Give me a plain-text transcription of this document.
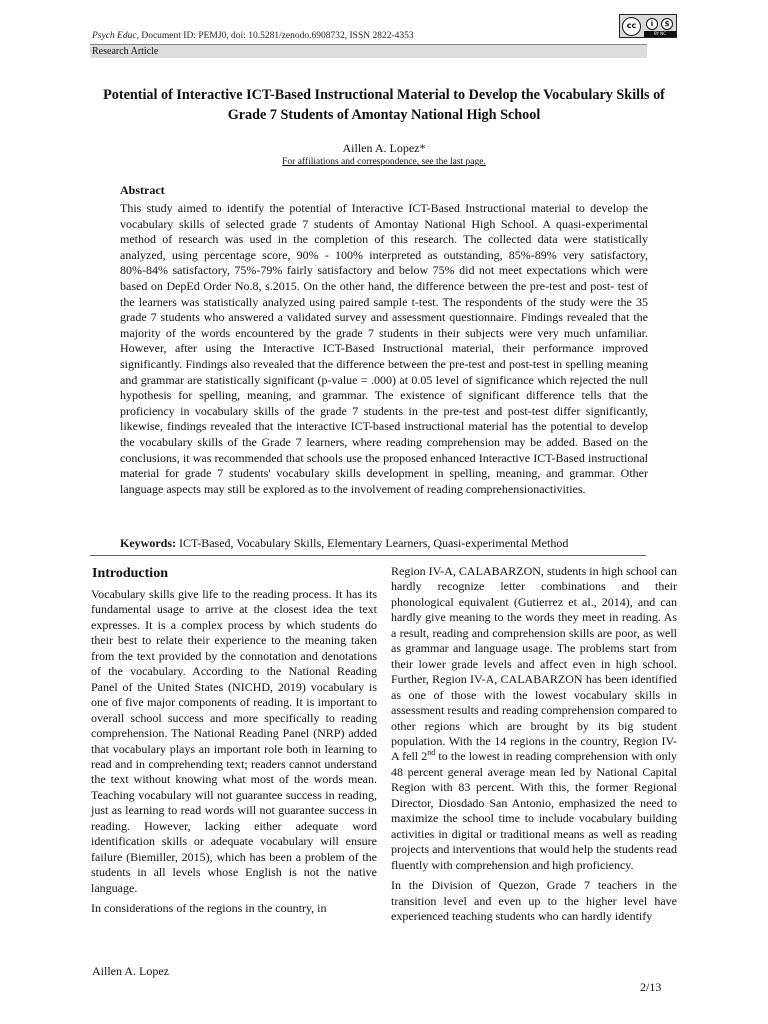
Psych Educ, Document ID: PEMJ0, doi: 10.5281/zenodo.6908732, ISSN 2822-4353
cc	i	$
BY NC
Research Article
Potential of Interactive ICT-Based Instructional Material to Develop the Vocabulary Skills of Grade 7 Students of Amontay National High School
Aillen A. Lopez*
For affiliations and correspondence, see the last page.
Abstract
This study aimed to identify the potential of Interactive ICT-Based Instructional material to develop the vocabulary skills of selected grade 7 students of Amontay National High School. A quasi-experimental method of research was used in the completion of this research. The collected data were statistically analyzed, using percentage score, 90% - 100% interpreted as outstanding, 85%-89% very satisfactory, 80%-84% satisfactory, 75%-79% fairly satisfactory and below 75% did not meet expectations which were based on DepEd Order No.8, s.2015. On the other hand, the difference between the pre-test and post- test of the learners was statistically analyzed using paired sample t-test. The respondents of the study were the 35 grade 7 students who answered a validated survey and assessment questionnaire. Findings revealed that the majority of the words encountered by the grade 7 students in their subjects were very much unfamiliar. However, after using the Interactive ICT-Based Instructional material, their performance improved significantly. Findings also revealed that the difference between the pre-test and post-test in spelling meaning and grammar are statistically significant (p-value = .000) at 0.05 level of significance which rejected the null hypothesis for spelling, meaning, and grammar. The existence of significant difference tells that the proficiency in vocabulary skills of the grade 7 students in the pre-test and post-test differ significantly, likewise, findings revealed that the interactive ICT-based instructional material has the potential to develop the vocabulary skills of the Grade 7 learners, where reading comprehension may be added. Based on the conclusions, it was recommended that schools use the proposed enhanced Interactive ICT-Based instructional material for grade 7 students' vocabulary skills development in spelling, meaning, and grammar. Other language aspects may still be explored as to the involvement of reading comprehensionactivities.
Keywords: ICT-Based, Vocabulary Skills, Elementary Learners, Quasi-experimental Method
Introduction

Vocabulary skills give life to the reading process. It has its fundamental usage to arrive at the closest idea the text expresses. It is a complex process by which students do their best to relate their experience to the meaning taken from the text provided by the connotation and denotations of the vocabulary. According to the National Reading Panel of the United States (NICHD, 2019) vocabulary is one of five major components of reading. It is important to overall school success and more specifically to reading comprehension. The National Reading Panel (NRP) added that vocabulary plays an important role both in learning to read and in comprehending text; readers cannot understand the text without knowing what most of the words mean. Teaching vocabulary will not guarantee success in reading, just as learning to read words will not guarantee success in reading. However, lacking either adequate word identification skills or adequate vocabulary will ensure failure (Biemiller, 2015), which has been a problem of the students in all levels whose English is not the native language.

In considerations of the regions in the country, in

Region IV-A, CALABARZON, students in high school can hardly recognize letter combinations and their phonological equivalent (Gutierrez et al., 2014), and can hardly give meaning to the words they meet in reading. As a result, reading and comprehension skills are poor, as well as grammar and language usage. The problems start from their lower grade levels and affect even in high school. Further, Region IV-A, CALABARZON has been identified as one of those with the lowest vocabulary skills in assessment results and reading comprehension compared to other regions which are brought by its big student population. With the 14 regions in the country, Region IV-A fell 2nd to the lowest in reading comprehension with only 48 percent general average mean led by National Capital Region with 83 percent. With this, the former Regional Director, Diosdado San Antonio, emphasized the need to maximize the school time to include vocabulary building activities in digital or traditional means as well as reading projects and interventions that would help the students read fluently with comprehension and high proficiency.

In the Division of Quezon, Grade 7 teachers in the transition level and even up to the higher level have experienced teaching students who can hardly identify

Aillen A. Lopez
2/13
